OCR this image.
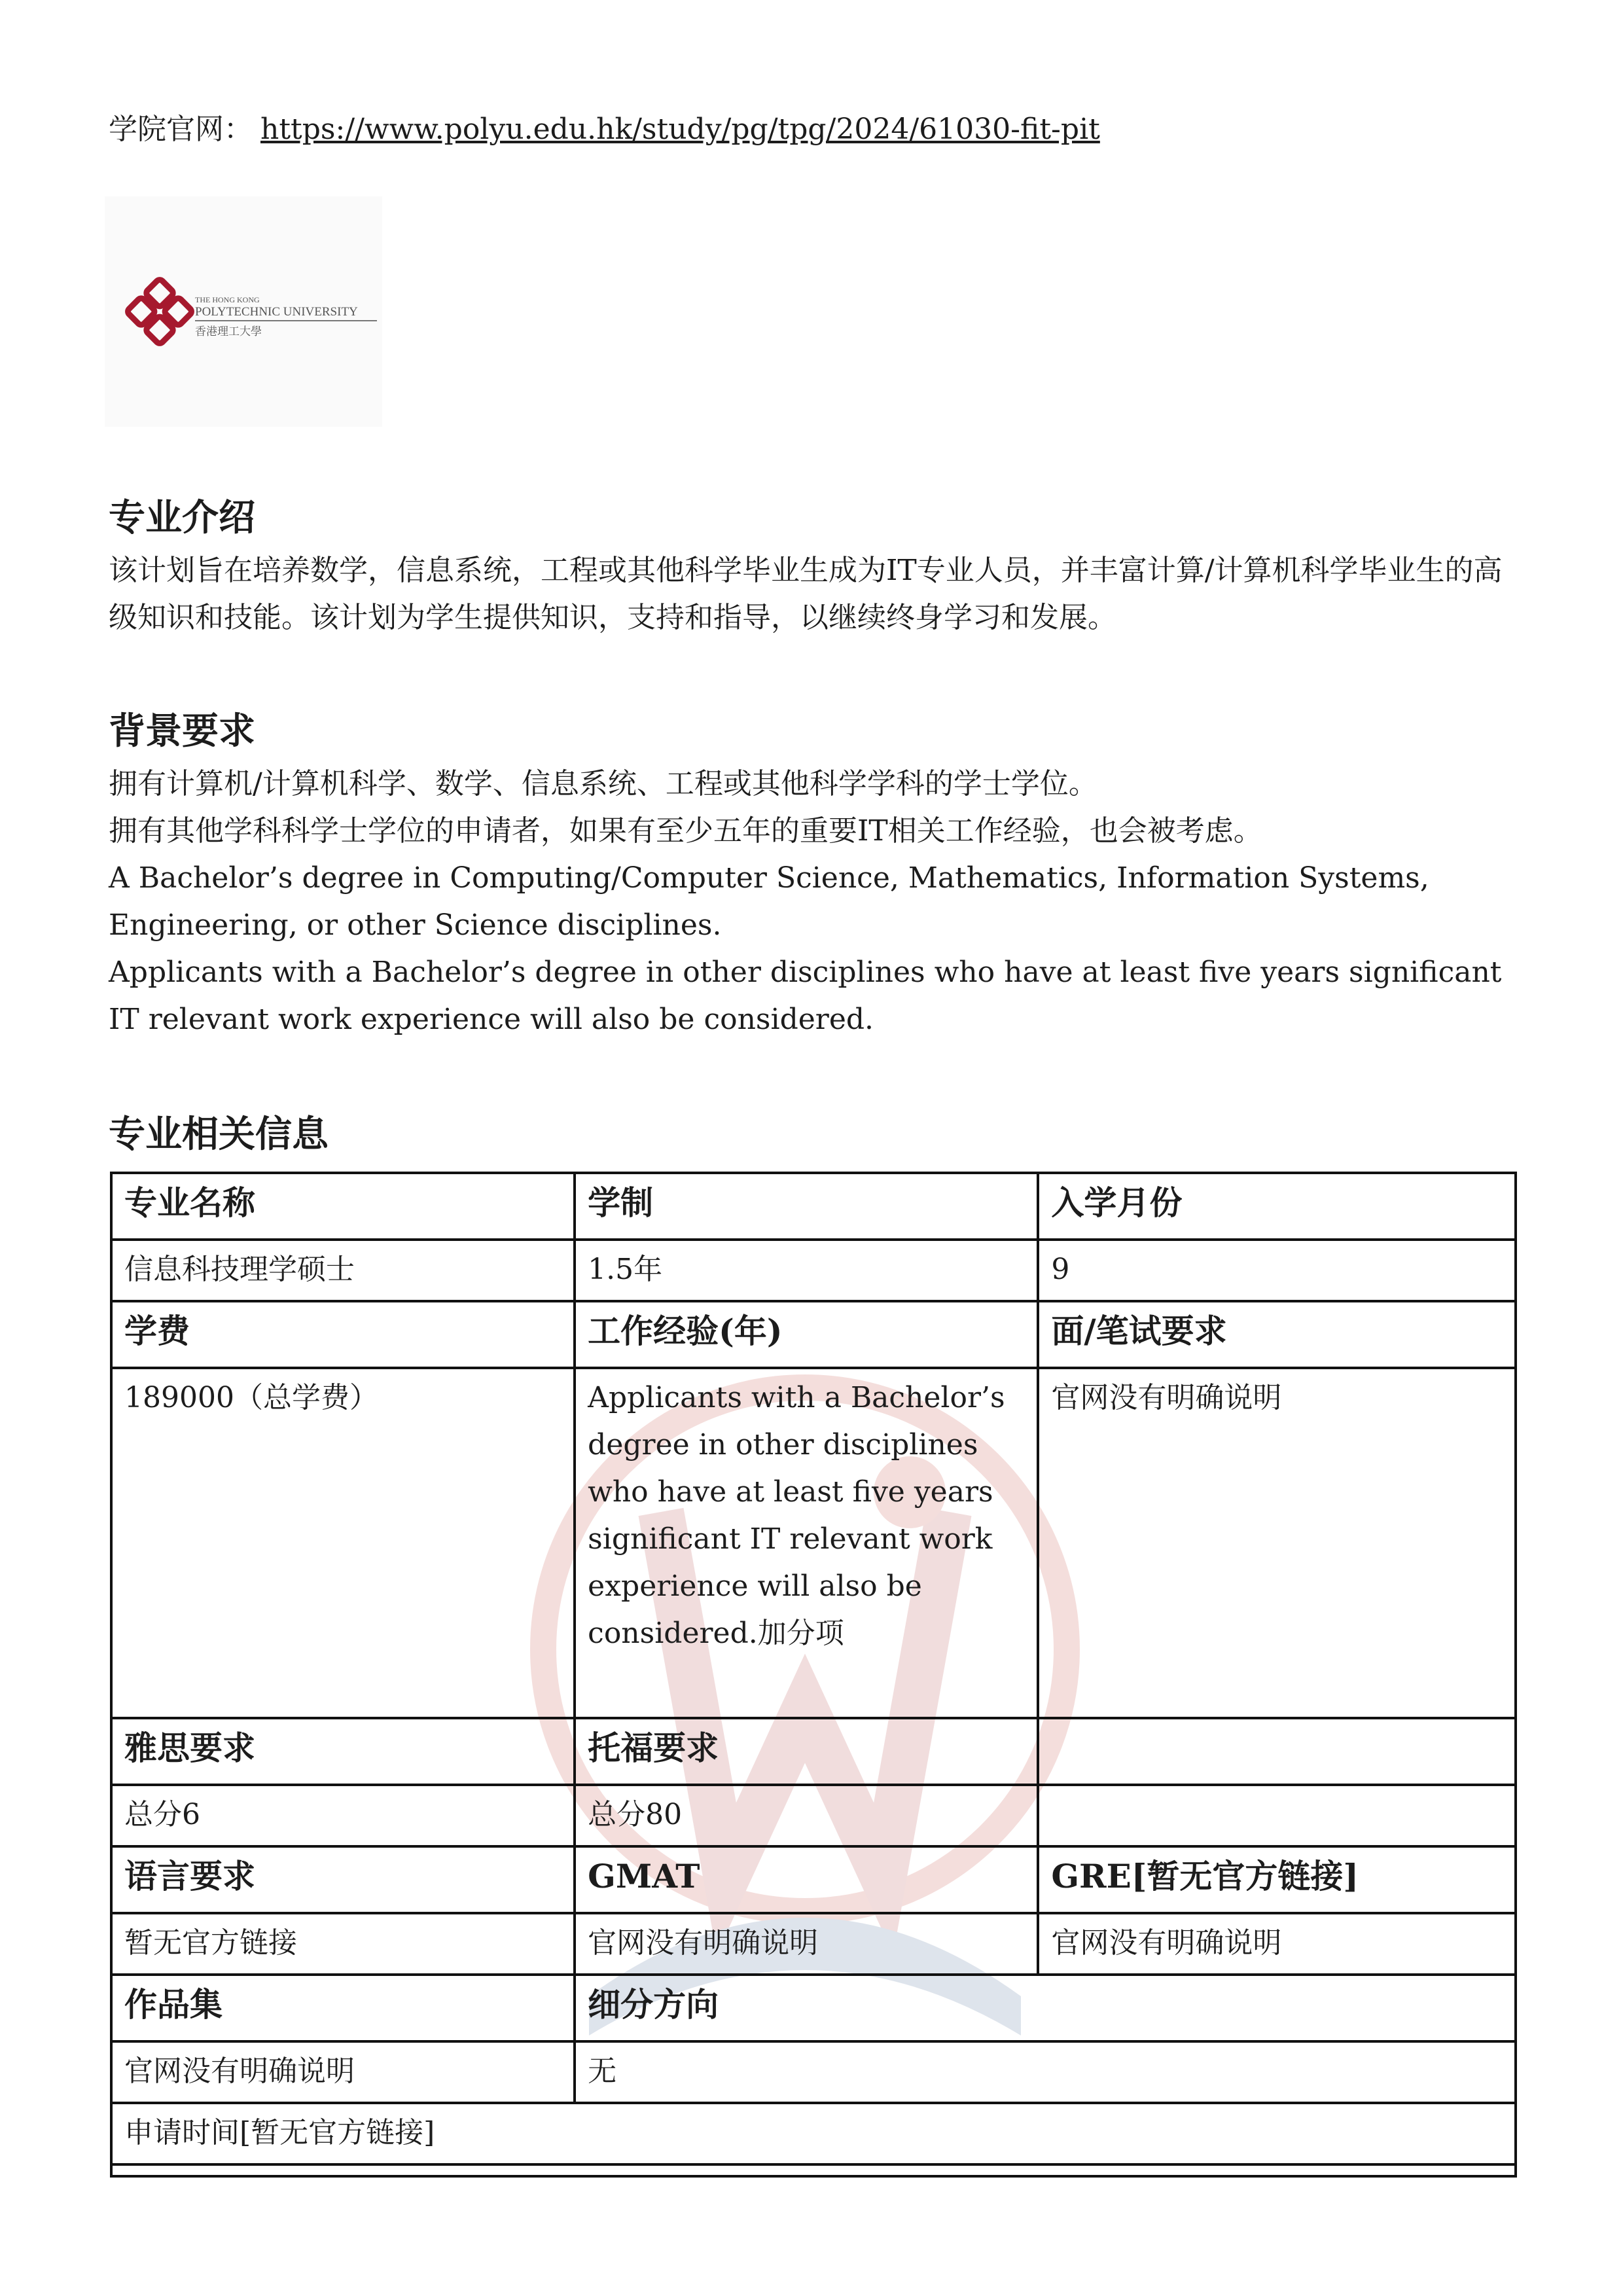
学院官网： https://www.polyu.edu.hk/study/pg/tpg/2024/61030-fit-pit
THE HONG KONG
POLYTECHNIC UNIVERSITY
香港理工大學
专业介绍

该计划旨在培养数学，信息系统，工程或其他科学毕业生成为IT专业人员，并丰富计算/计算机科学毕业生的高级知识和技能。该计划为学生提供知识，支持和指导，以继续终身学习和发展。

背景要求

拥有计算机/计算机科学、数学、信息系统、工程或其他科学学科的学士学位。

拥有其他学科科学士学位的申请者，如果有至少五年的重要IT相关工作经验，也会被考虑。

A Bachelor’s degree in Computing/Computer Science, Mathematics, Information Systems, Engineering, or other Science disciplines.

Applicants with a Bachelor’s degree in other disciplines who have at least five years significant IT relevant work experience will also be considered.

专业相关信息
专业名称	学制	入学月份
信息科技理学硕士	1.5年	9
学费	工作经验(年)	面/笔试要求
189000（总学费）	Applicants with a Bachelor’s degree in other disciplines who have at least five years significant IT relevant work experience will also be considered.加分项	官网没有明确说明
雅思要求	托福要求	
总分6	总分80	
语言要求	GMAT	GRE[暂无官方链接]
暂无官方链接	官网没有明确说明	官网没有明确说明
作品集	细分方向	
官网没有明确说明	无	
申请时间[暂无官方链接]		
